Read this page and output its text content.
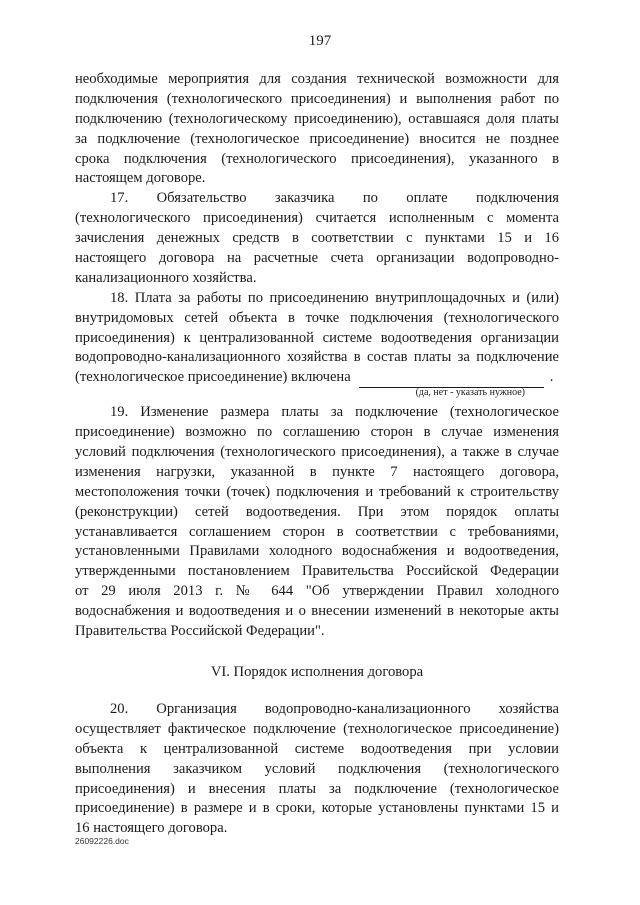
197
необходимые мероприятия для создания технической возможности для
подключения (технологического присоединения) и выполнения работ по
подключению (технологическому присоединению), оставшаяся доля платы
за подключение (технологическое присоединение) вносится не позднее
срока подключения (технологического присоединения), указанного в
настоящем договоре.
17. Обязательство заказчика по оплате подключения
(технологического присоединения) считается исполненным с момента
зачисления денежных средств в соответствии с пунктами 15 и 16
настоящего договора на расчетные счета организации водопроводно-
канализационного хозяйства.
18. Плата за работы по присоединению внутриплощадочных и (или)
внутридомовых сетей объекта в точке подключения (технологического
присоединения) к централизованной системе водоотведения организации
водопроводно-канализационного хозяйства в состав платы за подключение
(технологическое присоединение) включена	.
(да, нет - указать нужное)
19. Изменение размера платы за подключение (технологическое
присоединение) возможно по соглашению сторон в случае изменения
условий подключения (технологического присоединения), а также в случае
изменения нагрузки, указанной в пункте 7 настоящего договора,
местоположения точки (точек) подключения и требований к строительству
(реконструкции) сетей водоотведения. При этом порядок оплаты
устанавливается соглашением сторон в соответствии с требованиями,
установленными Правилами холодного водоснабжения и водоотведения,
утвержденными постановлением Правительства Российской Федерации
от 29 июля 2013 г. № 644 "Об утверждении Правил холодного
водоснабжения и водоотведения и о внесении изменений в некоторые акты
Правительства Российской Федерации".
VI. Порядок исполнения договора
20. Организация водопроводно-канализационного хозяйства
осуществляет фактическое подключение (технологическое присоединение)
объекта к централизованной системе водоотведения при условии
выполнения заказчиком условий подключения (технологического
присоединения) и внесения платы за подключение (технологическое
присоединение) в размере и в сроки, которые установлены пунктами 15 и
16 настоящего договора.
26092226.doc
